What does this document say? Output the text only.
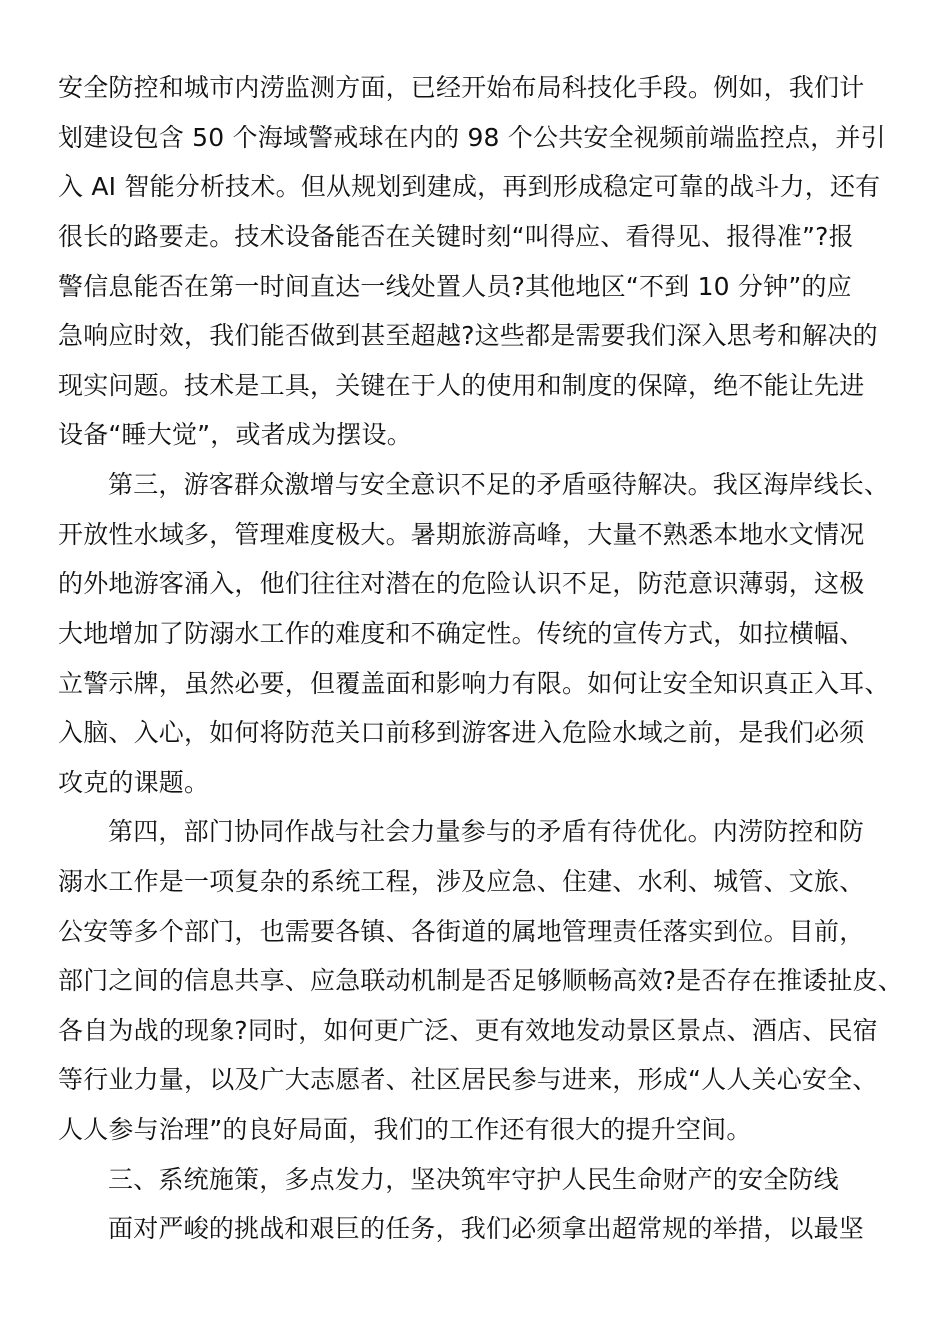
安全防控和城市内涝监测方面，已经开始布局科技化手段。例如，我们计
划建设包含 50 个海域警戒球在内的 98 个公共安全视频前端监控点，并引
入 AI 智能分析技术。但从规划到建成，再到形成稳定可靠的战斗力，还有
很长的路要走。技术设备能否在关键时刻“叫得应、看得见、报得准”?报
警信息能否在第一时间直达一线处置人员?其他地区“不到 10 分钟”的应
急响应时效，我们能否做到甚至超越?这些都是需要我们深入思考和解决的
现实问题。技术是工具，关键在于人的使用和制度的保障，绝不能让先进
设备“睡大觉”，或者成为摆设。
第三，游客群众激增与安全意识不足的矛盾亟待解决。我区海岸线长、
开放性水域多，管理难度极大。暑期旅游高峰，大量不熟悉本地水文情况
的外地游客涌入，他们往往对潜在的危险认识不足，防范意识薄弱，这极
大地增加了防溺水工作的难度和不确定性。传统的宣传方式，如拉横幅、
立警示牌，虽然必要，但覆盖面和影响力有限。如何让安全知识真正入耳、
入脑、入心，如何将防范关口前移到游客进入危险水域之前，是我们必须
攻克的课题。
第四，部门协同作战与社会力量参与的矛盾有待优化。内涝防控和防
溺水工作是一项复杂的系统工程，涉及应急、住建、水利、城管、文旅、
公安等多个部门，也需要各镇、各街道的属地管理责任落实到位。目前，
部门之间的信息共享、应急联动机制是否足够顺畅高效?是否存在推诿扯皮、
各自为战的现象?同时，如何更广泛、更有效地发动景区景点、酒店、民宿
等行业力量，以及广大志愿者、社区居民参与进来，形成“人人关心安全、
人人参与治理”的良好局面，我们的工作还有很大的提升空间。
三、系统施策，多点发力，坚决筑牢守护人民生命财产的安全防线
面对严峻的挑战和艰巨的任务，我们必须拿出超常规的举措，以最坚
